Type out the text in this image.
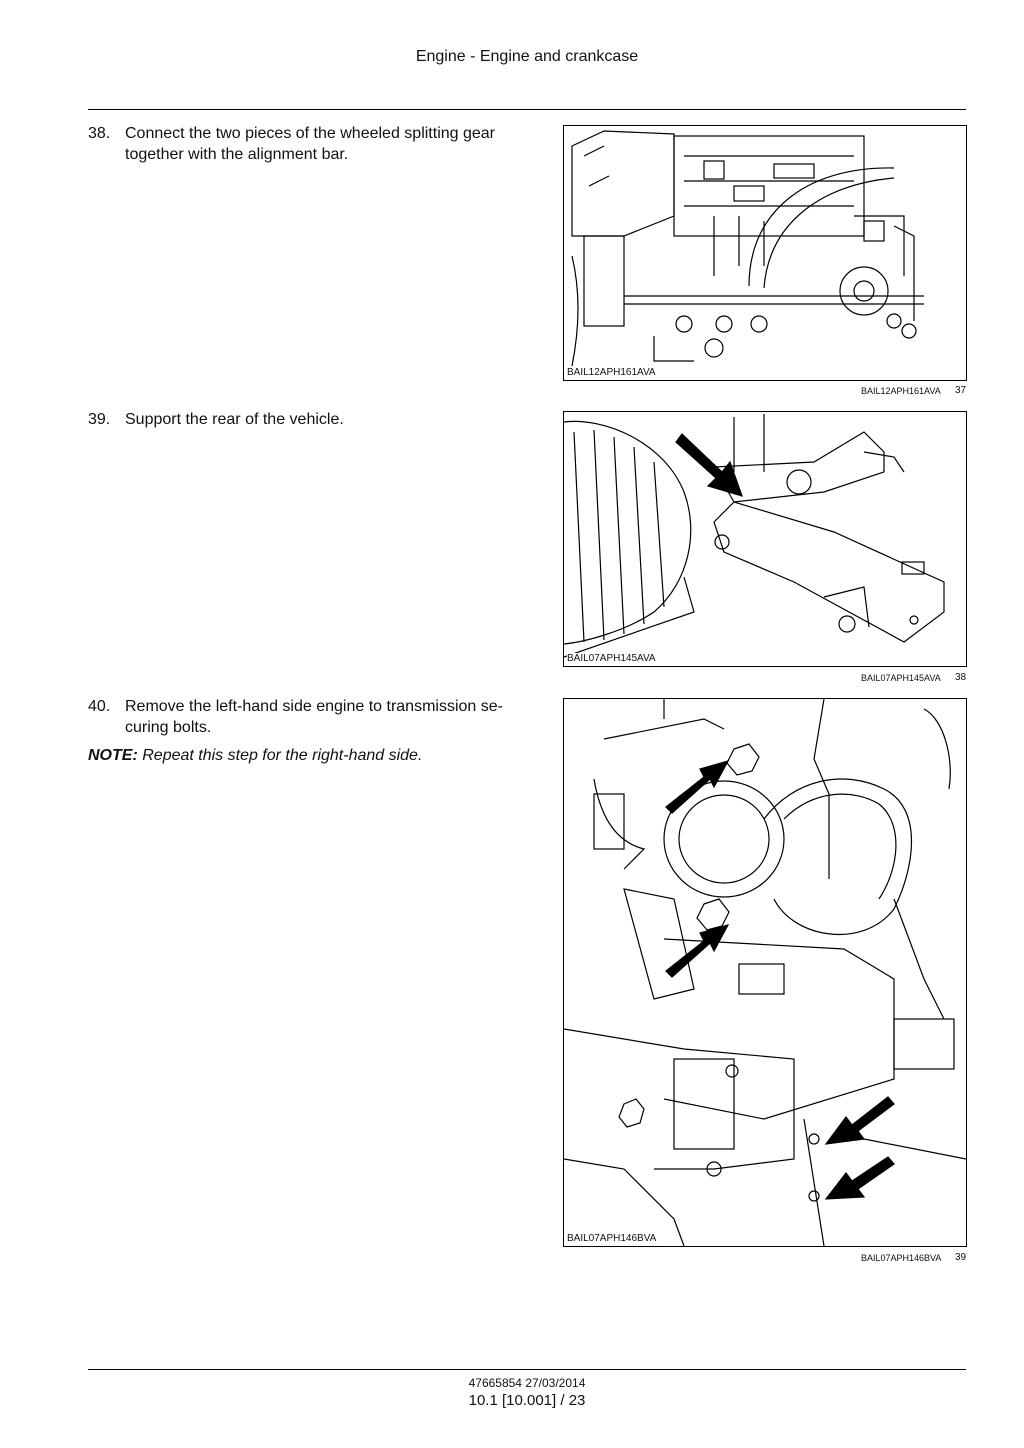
Engine - Engine and crankcase
38. Connect the two pieces of the wheeled splitting gear together with the alignment bar.
39. Support the rear of the vehicle.
40. Remove the left-hand side engine to transmission se- curing bolts.
NOTE: Repeat this step for the right-hand side.
BAIL12APH161AVA
BAIL12APH161AVA 37
BAIL07APH145AVA
BAIL07APH145AVA 38
BAIL07APH146BVA
BAIL07APH146BVA 39
47665854 27/03/2014
10.1 [10.001] / 23
